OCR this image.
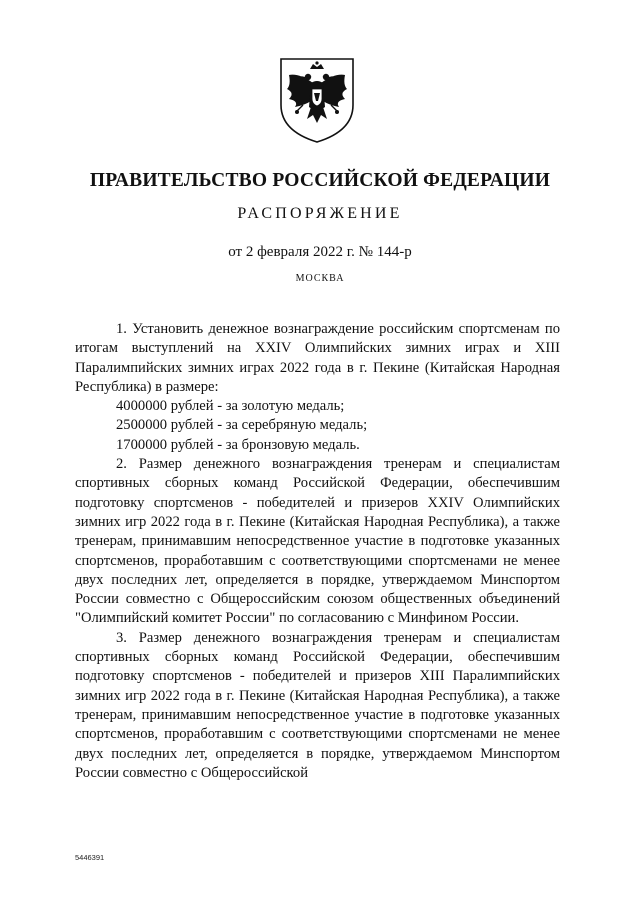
ПРАВИТЕЛЬСТВО РОССИЙСКОЙ ФЕДЕРАЦИИ
РАСПОРЯЖЕНИЕ
от 2 февраля 2022 г. № 144-р
МОСКВА

1. Установить денежное вознаграждение российским спортсменам по итогам выступлений на XXIV Олимпийских зимних играх и XIII Паралимпийских зимних играх 2022 года в г. Пекине (Китайская Народная Республика) в размере:

4000000 рублей - за золотую медаль;

2500000 рублей - за серебряную медаль;

1700000 рублей - за бронзовую медаль.

2. Размер денежного вознаграждения тренерам и специалистам спортивных сборных команд Российской Федерации, обеспечившим подготовку спортсменов - победителей и призеров XXIV Олимпийских зимних игр 2022 года в г. Пекине (Китайская Народная Республика), а также тренерам, принимавшим непосредственное участие в подготовке указанных спортсменов, проработавшим с соответствующими спортсменами не менее двух последних лет, определяется в порядке, утверждаемом Минспортом России совместно с Общероссийским союзом общественных объединений "Олимпийский комитет России" по согласованию с Минфином России.

3. Размер денежного вознаграждения тренерам и специалистам спортивных сборных команд Российской Федерации, обеспечившим подготовку спортсменов - победителей и призеров XIII Паралимпийских зимних игр 2022 года в г. Пекине (Китайская Народная Республика), а также тренерам, принимавшим непосредственное участие в подготовке указанных спортсменов, проработавшим с соответствующими спортсменами не менее двух последних лет, определяется в порядке, утверждаемом Минспортом России совместно с Общероссийской

5446391
